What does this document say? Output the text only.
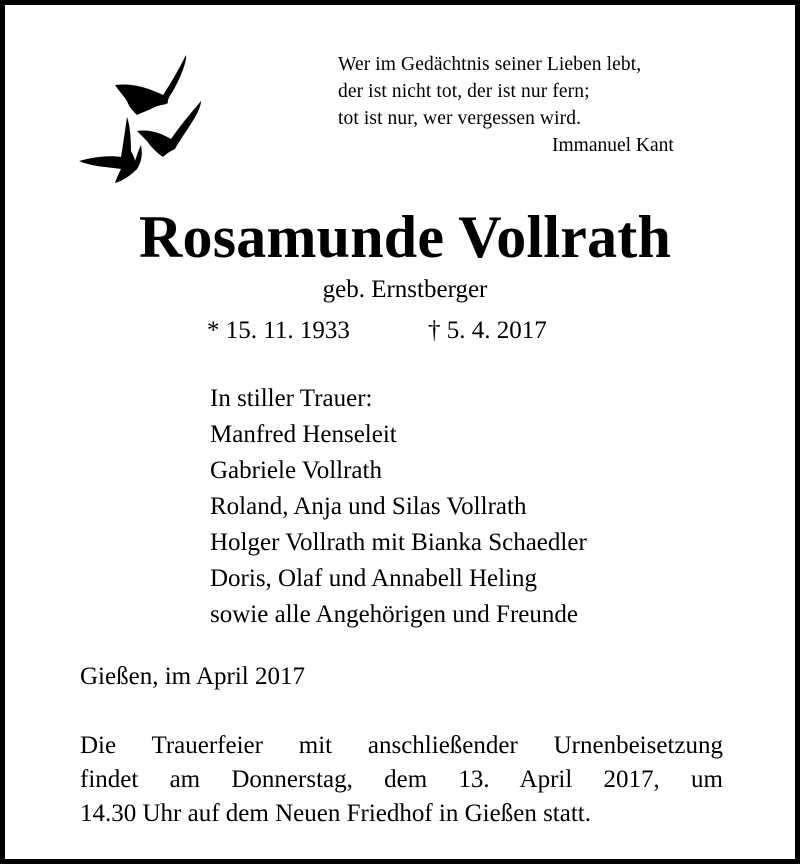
Wer im Gedächtnis seiner Lieben lebt,
der ist nicht tot, der ist nur fern;
tot ist nur, wer vergessen wird.
Immanuel Kant
Rosamunde Vollrath
geb. Ernstberger
* 15. 11. 1933	† 5. 4. 2017
In stiller Trauer:
Manfred Henseleit
Gabriele Vollrath
Roland, Anja und Silas Vollrath
Holger Vollrath mit Bianka Schaedler
Doris, Olaf und Annabell Heling
sowie alle Angehörigen und Freunde
Gießen, im April 2017
Die Trauerfeier mit anschließender Urnenbeisetzung
findet am Donnerstag, dem 13. April 2017, um
14.30 Uhr auf dem Neuen Friedhof in Gießen statt.
